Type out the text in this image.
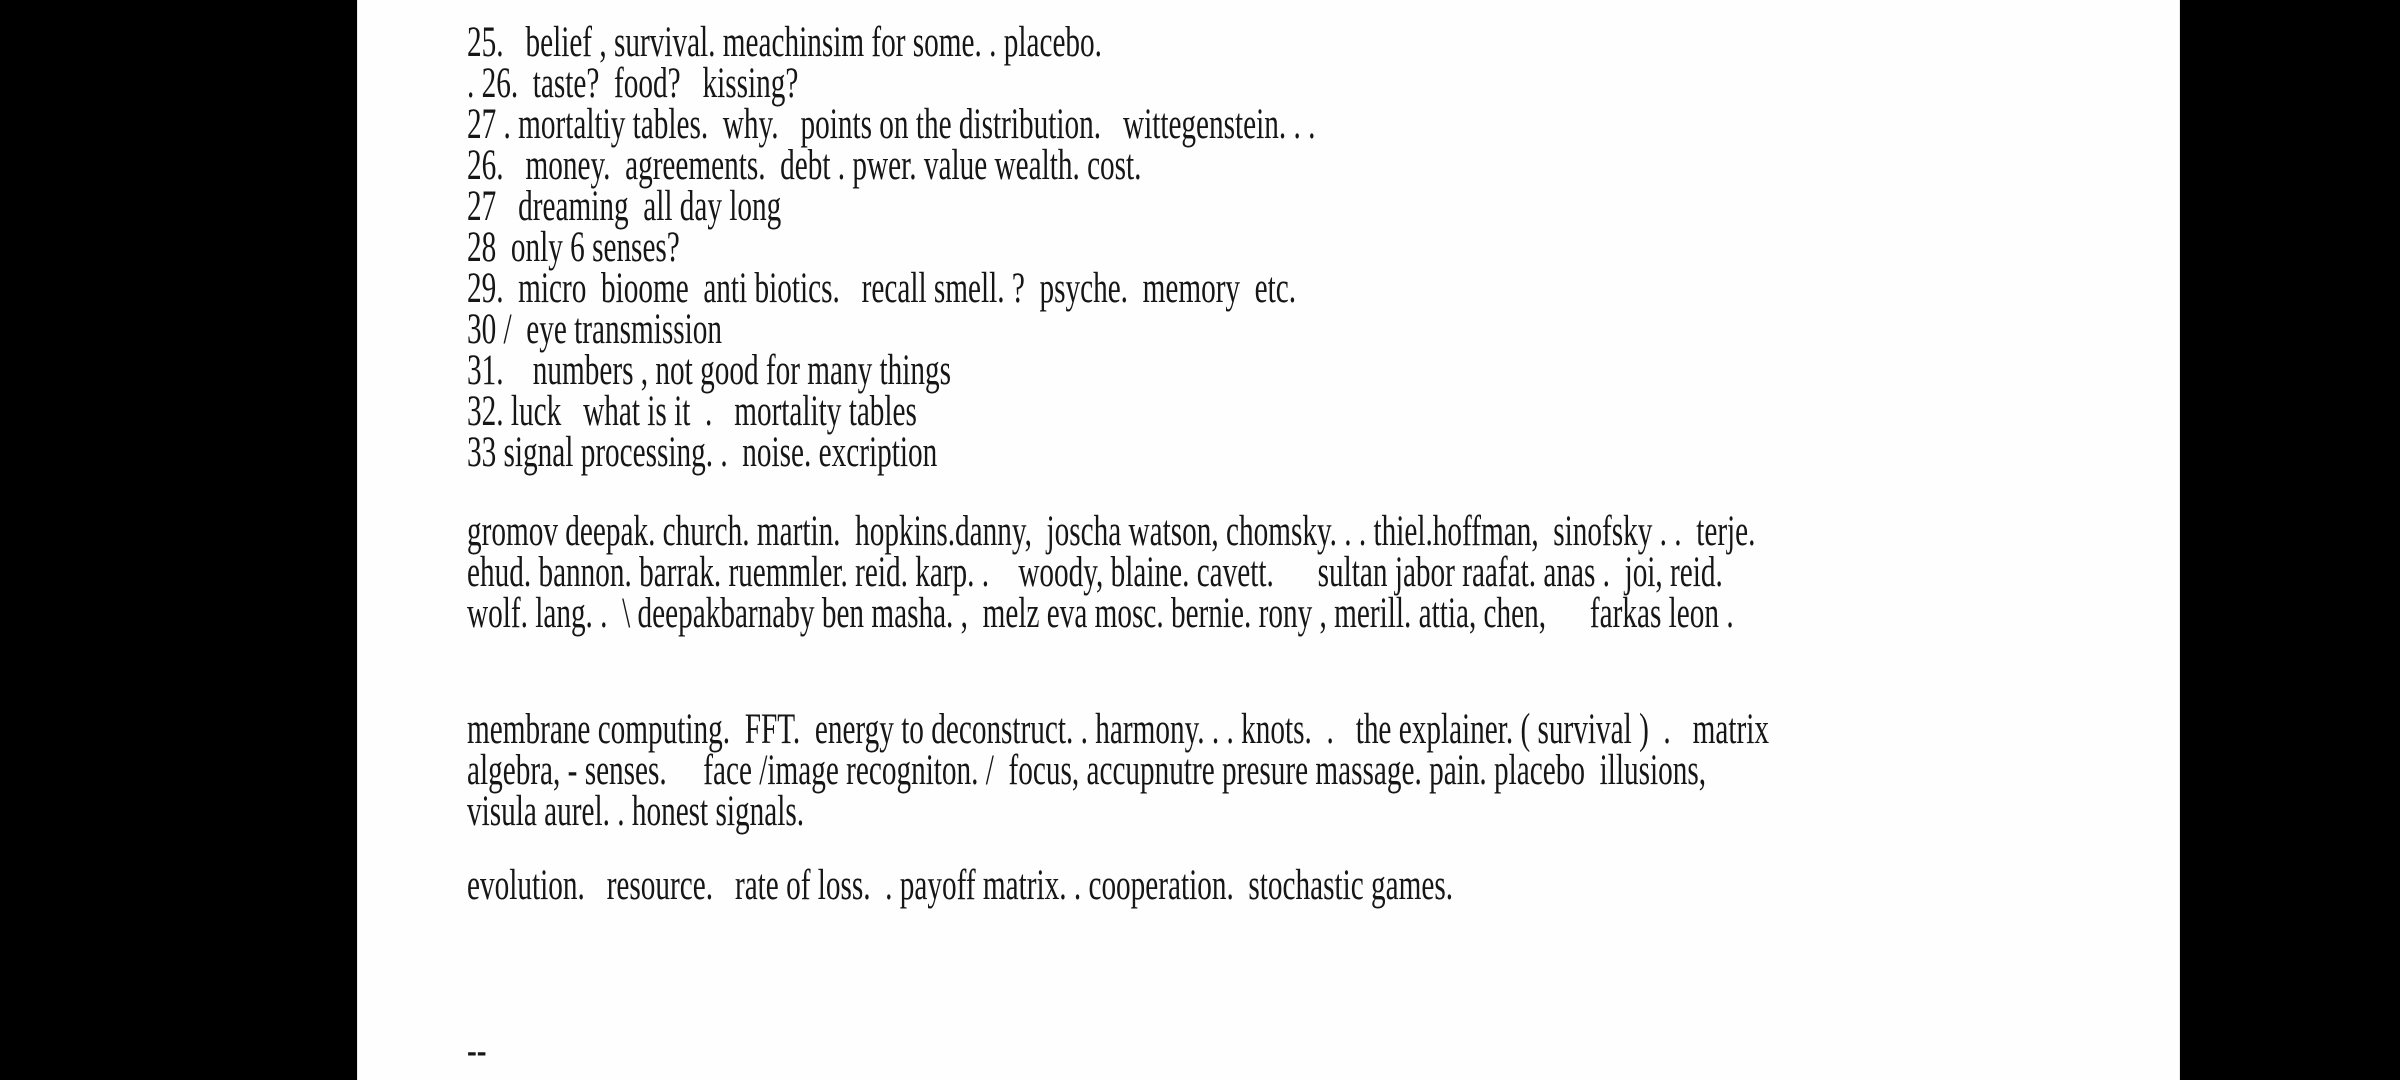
25.   belief , survival. meachinsim for some. . placebo.
. 26.  taste?  food?   kissing?
27 . mortaltiy tables.  why.   points on the distribution.   wittegenstein. . .
26.   money.  agreements.  debt . pwer. value wealth. cost.
27   dreaming  all day long
28  only 6 senses?
29.  micro  bioome  anti biotics.   recall smell. ?  psyche.  memory  etc.
30 /  eye transmission
31.    numbers , not good for many things
32. luck   what is it  .   mortality tables
33 signal processing. .  noise. excription
gromov deepak. church. martin.  hopkins.danny,  joscha watson, chomsky. . . thiel.hoffman,  sinofsky . .  terje.
ehud. bannon. barrak. ruemmler. reid. karp. .    woody, blaine. cavett.      sultan jabor raafat. anas .  joi, reid.
wolf. lang. .  \ deepakbarnaby ben masha. ,  melz eva mosc. bernie. rony , merill. attia, chen,      farkas leon .
membrane computing.  FFT.  energy to deconstruct. . harmony. . . knots.  .   the explainer. ( survival )  .   matrix
algebra, - senses.     face /image recogniton. /  focus, accupnutre presure massage. pain. placebo  illusions,
visula aurel. . honest signals.
evolution.   resource.   rate of loss.  . payoff matrix. . cooperation.  stochastic games.
--
